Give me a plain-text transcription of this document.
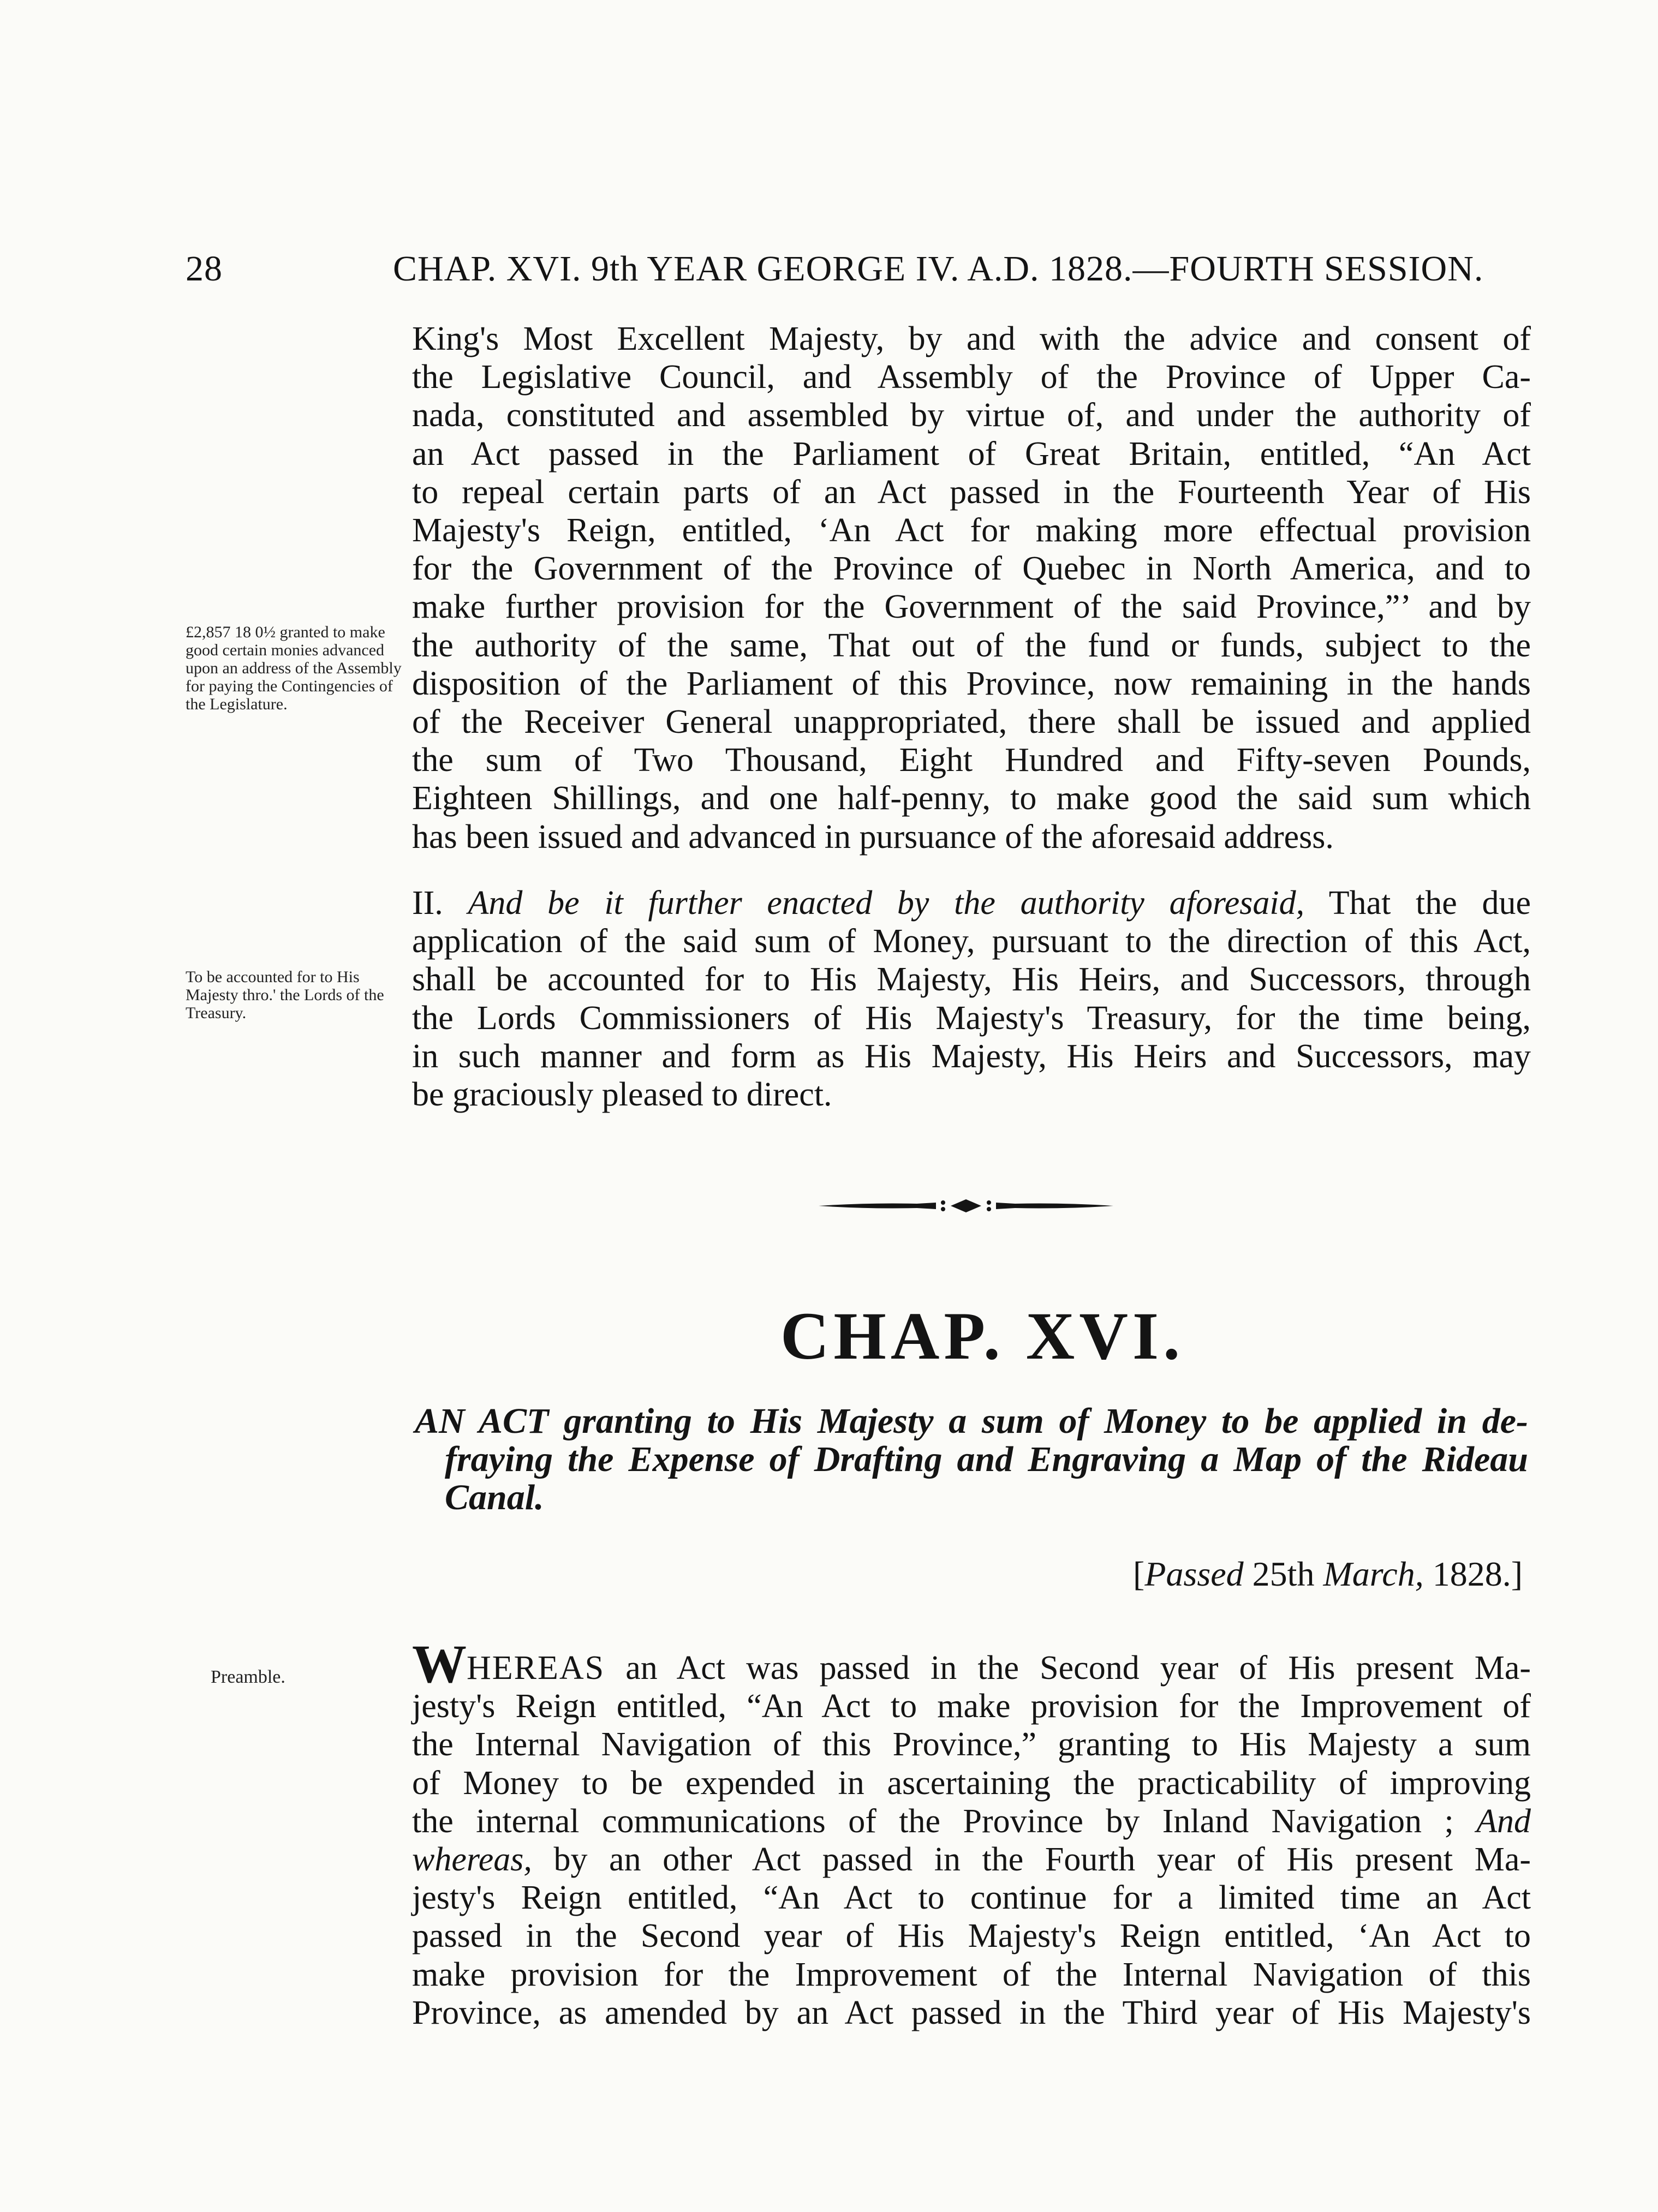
28	CHAP. XVI. 9th YEAR GEORGE IV. A.D. 1828.—FOURTH SESSION.
King's Most Excellent Majesty, by and with the advice and consent of
the Legislative Council, and Assembly of the Province of Upper Ca-
nada, constituted and assembled by virtue of, and under the authority of
an Act passed in the Parliament of Great Britain, entitled, “An Act
to repeal certain parts of an Act passed in the Fourteenth Year of His
Majesty's Reign, entitled, ‘An Act for making more effectual provision
for the Government of the Province of Quebec in North America, and to
make further provision for the Government of the said Province,”’ and by
the authority of the same, That out of the fund or funds, subject to the
disposition of the Parliament of this Province, now remaining in the hands
of the Receiver General unappropriated, there shall be issued and applied
the sum of Two Thousand, Eight Hundred and Fifty-seven Pounds,
Eighteen Shillings, and one half-penny, to make good the said sum which
has been issued and advanced in pursuance of the aforesaid address.
£2,857 18 0½ granted to make good certain monies advanced upon an address of the Assembly for paying the Contingencies of the Legislature.
II. And be it further enacted by the authority aforesaid, That the due
application of the said sum of Money, pursuant to the direction of this Act,
shall be accounted for to His Majesty, His Heirs, and Successors, through
the Lords Commissioners of His Majesty's Treasury, for the time being,
in such manner and form as His Majesty, His Heirs and Successors, may
be graciously pleased to direct.
To be accounted for to His Majesty thro.' the Lords of the Treasury.
CHAP. XVI.
AN ACT granting to His Majesty a sum of Money to be applied in de-
fraying the Expense of Drafting and Engraving a Map of the Rideau
Canal.
[Passed 25th March, 1828.]
Preamble.	WHEREAS an Act was passed in the Second year of His present Ma-
jesty's Reign entitled, “An Act to make provision for the Improvement of
the Internal Navigation of this Province,” granting to His Majesty a sum
of Money to be expended in ascertaining the practicability of improving
the internal communications of the Province by Inland Navigation ; And
whereas, by an other Act passed in the Fourth year of His present Ma-
jesty's Reign entitled, “An Act to continue for a limited time an Act
passed in the Second year of His Majesty's Reign entitled, ‘An Act to
make provision for the Improvement of the Internal Navigation of this
Province, as amended by an Act passed in the Third year of His Majesty's
